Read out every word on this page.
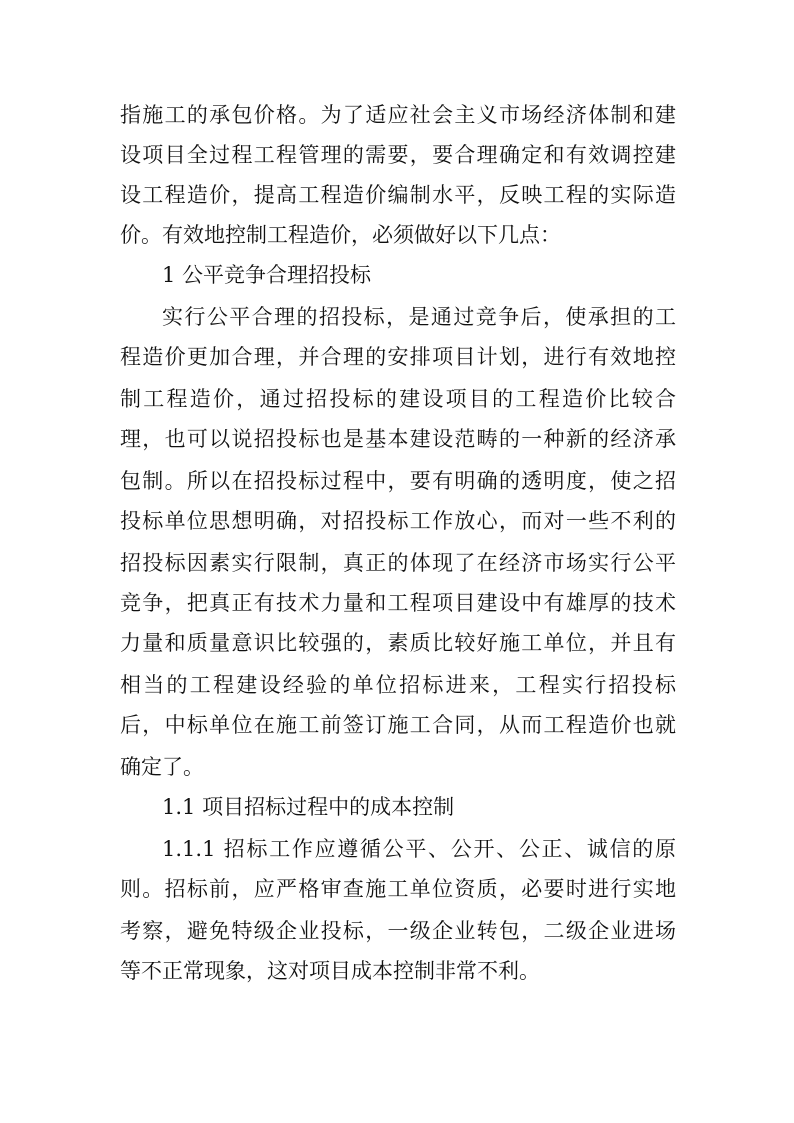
指施工的承包价格。为了适应社会主义市场经济体制和建

设项目全过程工程管理的需要，要合理确定和有效调控建

设工程造价，提高工程造价编制水平，反映工程的实际造

价。有效地控制工程造价，必须做好以下几点：

1 公平竞争合理招投标

实行公平合理的招投标，是通过竞争后，使承担的工

程造价更加合理，并合理的安排项目计划，进行有效地控

制工程造价，通过招投标的建设项目的工程造价比较合

理，也可以说招投标也是基本建设范畴的一种新的经济承

包制。所以在招投标过程中，要有明确的透明度，使之招

投标单位思想明确，对招投标工作放心，而对一些不利的

招投标因素实行限制，真正的体现了在经济市场实行公平

竞争，把真正有技术力量和工程项目建设中有雄厚的技术

力量和质量意识比较强的，素质比较好施工单位，并且有

相当的工程建设经验的单位招标进来，工程实行招投标

后，中标单位在施工前签订施工合同，从而工程造价也就

确定了。

1.1 项目招标过程中的成本控制

1.1.1 招标工作应遵循公平、公开、公正、诚信的原

则。招标前，应严格审查施工单位资质，必要时进行实地

考察，避免特级企业投标，一级企业转包，二级企业进场

等不正常现象，这对项目成本控制非常不利。
